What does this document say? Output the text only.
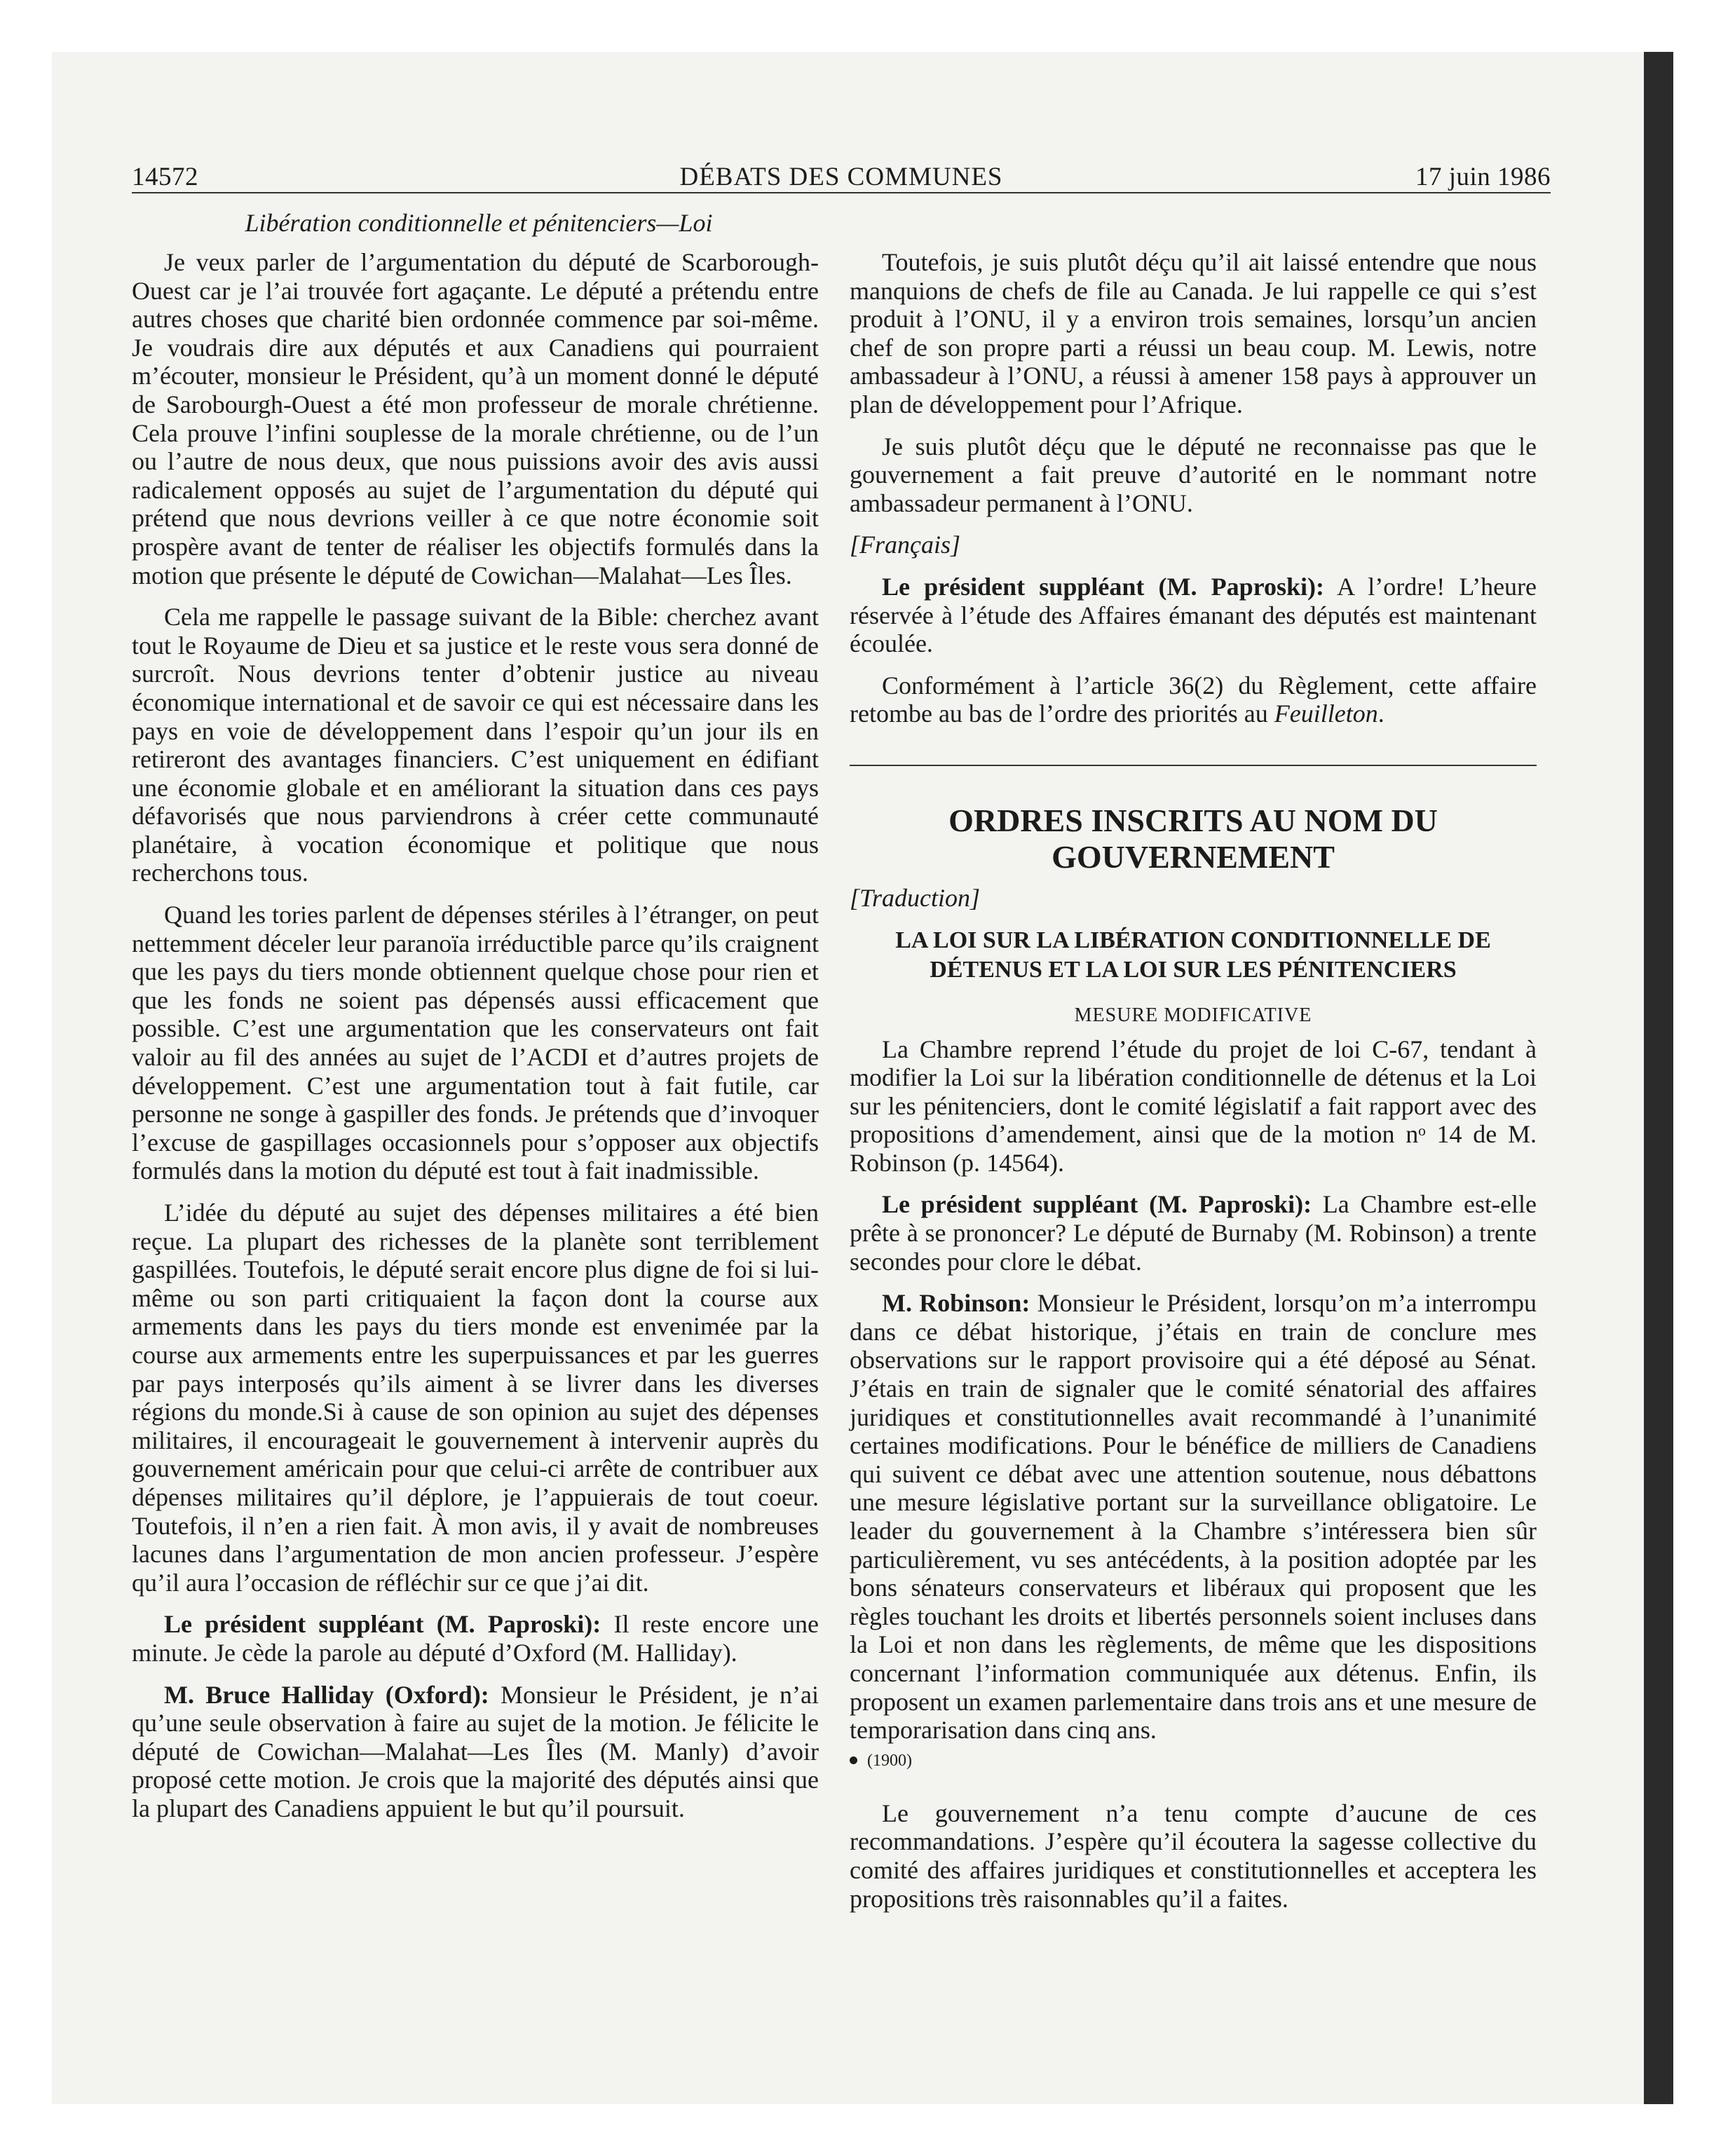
14572	DÉBATS DES COMMUNES	17 juin 1986
Libération conditionnelle et pénitenciers—Loi

Je veux parler de l’argumentation du député de Scarborough-Ouest car je l’ai trouvée fort agaçante. Le député a prétendu entre autres choses que charité bien ordonnée commence par soi-même. Je voudrais dire aux députés et aux Canadiens qui pourraient m’écouter, monsieur le Président, qu’à un moment donné le député de Sarobourgh-Ouest a été mon professeur de morale chrétienne. Cela prouve l’infini souplesse de la morale chrétienne, ou de l’un ou l’autre de nous deux, que nous puissions avoir des avis aussi radicalement opposés au sujet de l’argumentation du député qui prétend que nous devrions veiller à ce que notre économie soit prospère avant de tenter de réaliser les objectifs formulés dans la motion que présente le député de Cowichan—Malahat—Les Îles.

Cela me rappelle le passage suivant de la Bible: cherchez avant tout le Royaume de Dieu et sa justice et le reste vous sera donné de surcroît. Nous devrions tenter d’obtenir justice au niveau économique international et de savoir ce qui est nécessaire dans les pays en voie de développement dans l’espoir qu’un jour ils en retireront des avantages financiers. C’est uniquement en édifiant une économie globale et en améliorant la situation dans ces pays défavorisés que nous parviendrons à créer cette communauté planétaire, à vocation économique et politique que nous recherchons tous.

Quand les tories parlent de dépenses stériles à l’étranger, on peut nettemment déceler leur paranoïa irréductible parce qu’ils craignent que les pays du tiers monde obtiennent quelque chose pour rien et que les fonds ne soient pas dépensés aussi efficacement que possible. C’est une argumentation que les conservateurs ont fait valoir au fil des années au sujet de l’ACDI et d’autres projets de développement. C’est une argumentation tout à fait futile, car personne ne songe à gaspiller des fonds. Je prétends que d’invoquer l’excuse de gaspillages occasionnels pour s’opposer aux objectifs formulés dans la motion du député est tout à fait inadmissible.

L’idée du député au sujet des dépenses militaires a été bien reçue. La plupart des richesses de la planète sont terriblement gaspillées. Toutefois, le député serait encore plus digne de foi si lui-même ou son parti critiquaient la façon dont la course aux armements dans les pays du tiers monde est envenimée par la course aux armements entre les superpuissances et par les guerres par pays interposés qu’ils aiment à se livrer dans les diverses régions du monde.Si à cause de son opinion au sujet des dépenses militaires, il encourageait le gouvernement à intervenir auprès du gouvernement américain pour que celui-ci arrête de contribuer aux dépenses militaires qu’il déplore, je l’appuierais de tout coeur. Toutefois, il n’en a rien fait. À mon avis, il y avait de nombreuses lacunes dans l’argumentation de mon ancien professeur. J’espère qu’il aura l’occasion de réfléchir sur ce que j’ai dit.

Le président suppléant (M. Paproski): Il reste encore une minute. Je cède la parole au député d’Oxford (M. Halliday).

M. Bruce Halliday (Oxford): Monsieur le Président, je n’ai qu’une seule observation à faire au sujet de la motion. Je félicite le député de Cowichan—Malahat—Les Îles (M. Manly) d’avoir proposé cette motion. Je crois que la majorité des députés ainsi que la plupart des Canadiens appuient le but qu’il poursuit.

Toutefois, je suis plutôt déçu qu’il ait laissé entendre que nous manquions de chefs de file au Canada. Je lui rappelle ce qui s’est produit à l’ONU, il y a environ trois semaines, lorsqu’un ancien chef de son propre parti a réussi un beau coup. M. Lewis, notre ambassadeur à l’ONU, a réussi à amener 158 pays à approuver un plan de développement pour l’Afrique.

Je suis plutôt déçu que le député ne reconnaisse pas que le gouvernement a fait preuve d’autorité en le nommant notre ambassadeur permanent à l’ONU.

[Français]

Le président suppléant (M. Paproski): A l’ordre! L’heure réservée à l’étude des Affaires émanant des députés est maintenant écoulée.

Conformément à l’article 36(2) du Règlement, cette affaire retombe au bas de l’ordre des priorités au Feuilleton.

ORDRES INSCRITS AU NOM DU GOUVERNEMENT
[Traduction]
LA LOI SUR LA LIBÉRATION CONDITIONNELLE DE DÉTENUS ET LA LOI SUR LES PÉNITENCIERS
MESURE MODIFICATIVE

La Chambre reprend l’étude du projet de loi C-67, tendant à modifier la Loi sur la libération conditionnelle de détenus et la Loi sur les pénitenciers, dont le comité législatif a fait rapport avec des propositions d’amendement, ainsi que de la motion nᵒ 14 de M. Robinson (p. 14564).

Le président suppléant (M. Paproski): La Chambre est-elle prête à se prononcer? Le député de Burnaby (M. Robinson) a trente secondes pour clore le débat.

M. Robinson: Monsieur le Président, lorsqu’on m’a interrompu dans ce débat historique, j’étais en train de conclure mes observations sur le rapport provisoire qui a été déposé au Sénat. J’étais en train de signaler que le comité sénatorial des affaires juridiques et constitutionnelles avait recommandé à l’unanimité certaines modifications. Pour le bénéfice de milliers de Canadiens qui suivent ce débat avec une attention soutenue, nous débattons une mesure législative portant sur la surveillance obligatoire. Le leader du gouvernement à la Chambre s’intéressera bien sûr particulièrement, vu ses antécédents, à la position adoptée par les bons sénateurs conservateurs et libéraux qui proposent que les règles touchant les droits et libertés personnels soient incluses dans la Loi et non dans les règlements, de même que les dispositions concernant l’information communiquée aux détenus. Enfin, ils proposent un examen parlementaire dans trois ans et une mesure de temporarisation dans cinq ans.

(1900)

Le gouvernement n’a tenu compte d’aucune de ces recommandations. J’espère qu’il écoutera la sagesse collective du comité des affaires juridiques et constitutionnelles et acceptera les propositions très raisonnables qu’il a faites.
